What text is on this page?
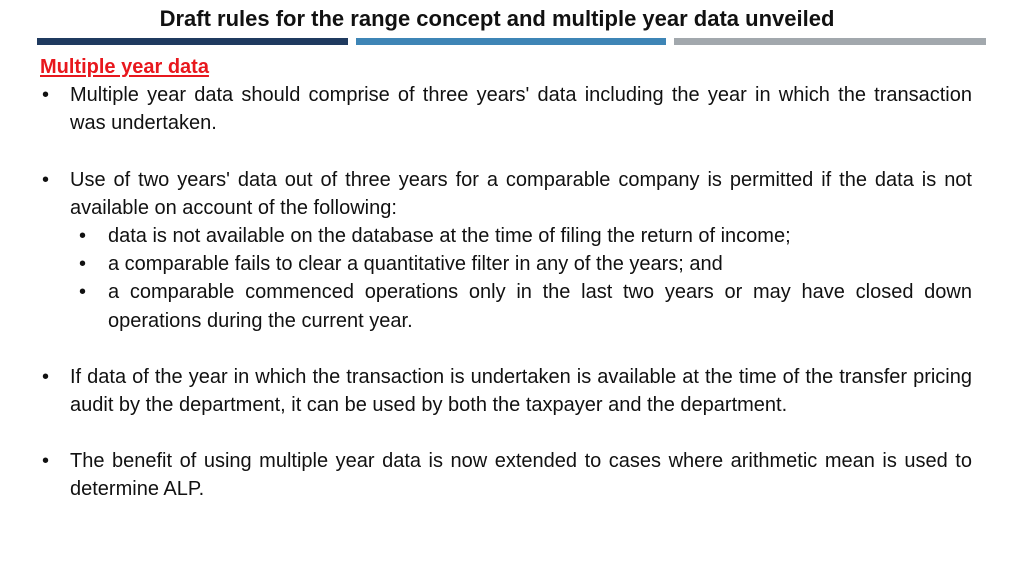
Draft rules for the range concept and multiple year data unveiled
Multiple year data
• Multiple year data should comprise of three years' data including the year in which the transaction was undertaken.
• Use of two years' data out of three years for a comparable company is permitted if the data is not available on account of the following:
• data is not available on the database at the time of filing the return of income;
• a comparable fails to clear a quantitative filter in any of the years; and
• a comparable commenced operations only in the last two years or may have closed down operations during the current year.
• If data of the year in which the transaction is undertaken is available at the time of the transfer pricing audit by the department, it can be used by both the taxpayer and the department.
• The benefit of using multiple year data is now extended to cases where arithmetic mean is used to determine ALP.
